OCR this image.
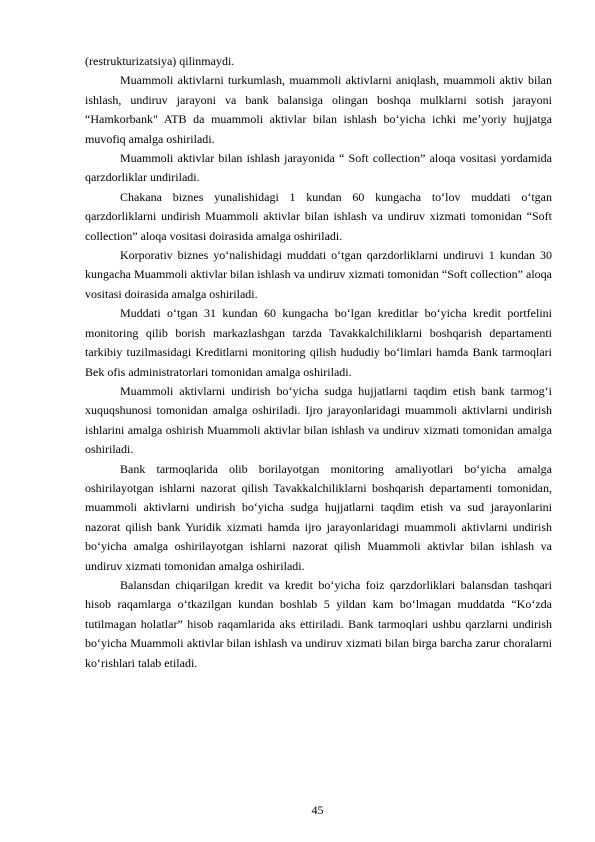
(restrukturizatsiya) qilinmaydi.

Muammoli aktivlarni turkumlash, muammoli aktivlarni aniqlash, muammoli aktiv bilan ishlash, undiruv jarayoni va bank balansiga olingan boshqa mulklarni sotish jarayoni “Hamkorbank" ATB da muammoli aktivlar bilan ishlash bo‘yicha ichki meʼyoriy hujjatga muvofiq amalga oshiriladi.

Muammoli aktivlar bilan ishlash jarayonida “ Soft collection” aloqa vositasi yordamida qarzdorliklar undiriladi.

Chakana biznes yunalishidagi 1 kundan 60 kungacha to‘lov muddati o‘tgan qarzdorliklarni undirish Muammoli aktivlar bilan ishlash va undiruv xizmati tomonidan “Soft collection” aloqa vositasi doirasida amalga oshiriladi.

Korporativ biznes yo‘nalishidagi muddati o‘tgan qarzdorliklarni undiruvi 1 kundan 30 kungacha Muammoli aktivlar bilan ishlash va undiruv xizmati tomonidan “Soft collection” aloqa vositasi doirasida amalga oshiriladi.

Muddati o‘tgan 31 kundan 60 kungacha bo‘lgan kreditlar bo‘yicha kredit portfelini monitoring qilib borish markazlashgan tarzda Tavakkalchiliklarni boshqarish departamenti tarkibiy tuzilmasidagi Kreditlarni monitoring qilish hududiy bo‘limlari hamda Bank tarmoqlari Bek ofis administratorlari tomonidan amalga oshiriladi.

Muammoli aktivlarni undirish bo‘yicha sudga hujjatlarni taqdim etish bank tarmog‘i xuquqshunosi tomonidan amalga oshiriladi. Ijro jarayonlaridagi muammoli aktivlarni undirish ishlarini amalga oshirish Muammoli aktivlar bilan ishlash va undiruv xizmati tomonidan amalga oshiriladi.

Bank tarmoqlarida olib borilayotgan monitoring amaliyotlari bo‘yicha amalga oshirilayotgan ishlarni nazorat qilish Tavakkalchiliklarni boshqarish departamenti tomonidan, muammoli aktivlarni undirish bo‘yicha sudga hujjatlarni taqdim etish va sud jarayonlarini nazorat qilish bank Yuridik xizmati hamda ijro jarayonlaridagi muammoli aktivlarni undirish bo‘yicha amalga oshirilayotgan ishlarni nazorat qilish Muammoli aktivlar bilan ishlash va undiruv xizmati tomonidan amalga oshiriladi.

Balansdan chiqarilgan kredit va kredit bo‘yicha foiz qarzdorliklari balansdan tashqari hisob raqamlarga o‘tkazilgan kundan boshlab 5 yildan kam bo‘lmagan muddatda “Ko‘zda tutilmagan holatlar” hisob raqamlarida aks ettiriladi. Bank tarmoqlari ushbu qarzlarni undirish bo‘yicha Muammoli aktivlar bilan ishlash va undiruv xizmati bilan birga barcha zarur choralarni ko‘rishlari talab etiladi.

45
